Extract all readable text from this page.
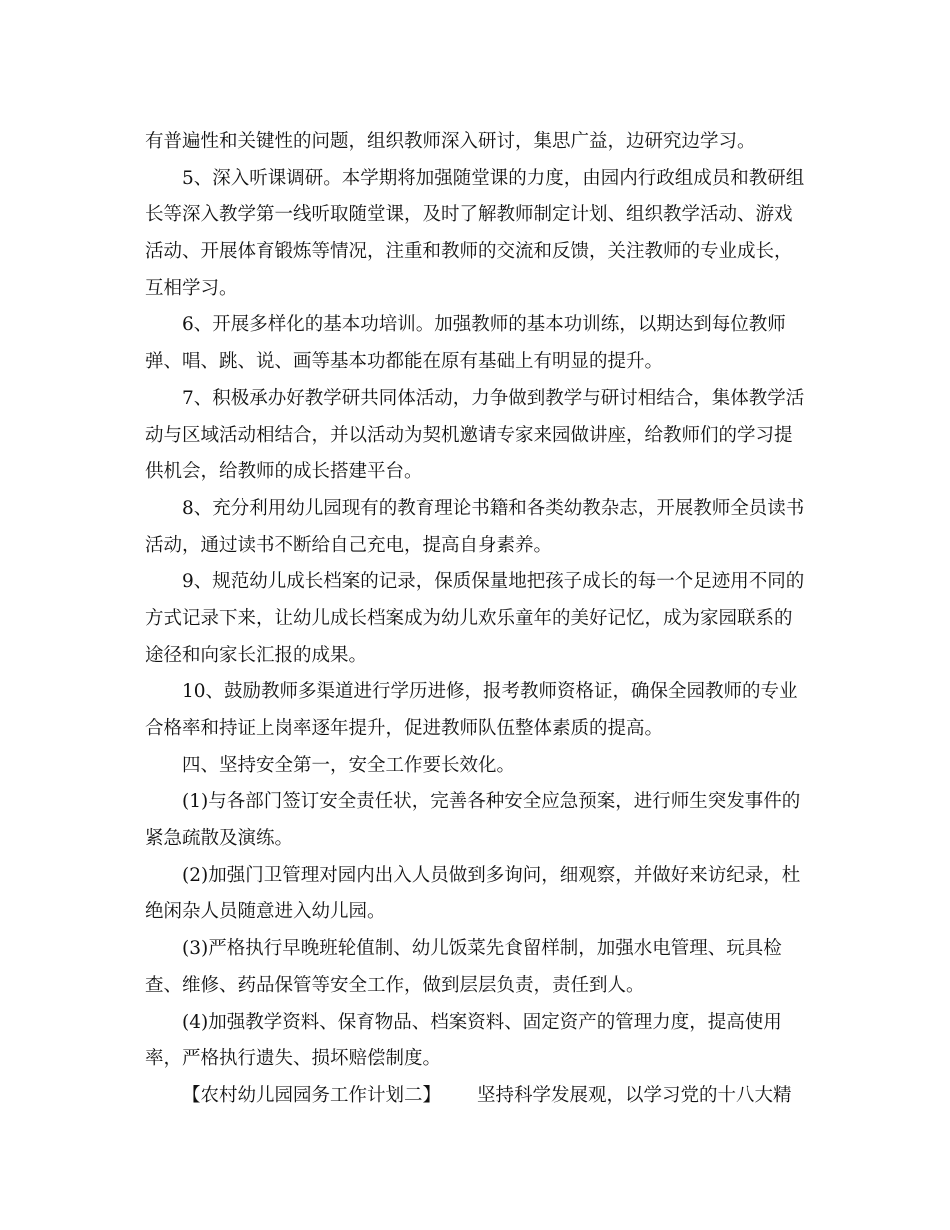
有普遍性和关键性的问题，组织教师深入研讨，集思广益，边研究边学习。
5、深入听课调研。本学期将加强随堂课的力度，由园内行政组成员和教研组
长等深入教学第一线听取随堂课，及时了解教师制定计划、组织教学活动、游戏
活动、开展体育锻炼等情况，注重和教师的交流和反馈，关注教师的专业成长，
互相学习。
6、开展多样化的基本功培训。加强教师的基本功训练，以期达到每位教师
弹、唱、跳、说、画等基本功都能在原有基础上有明显的提升。
7、积极承办好教学研共同体活动，力争做到教学与研讨相结合，集体教学活
动与区域活动相结合，并以活动为契机邀请专家来园做讲座，给教师们的学习提
供机会，给教师的成长搭建平台。
8、充分利用幼儿园现有的教育理论书籍和各类幼教杂志，开展教师全员读书
活动，通过读书不断给自己充电，提高自身素养。
9、规范幼儿成长档案的记录，保质保量地把孩子成长的每一个足迹用不同的
方式记录下来，让幼儿成长档案成为幼儿欢乐童年的美好记忆，成为家园联系的
途径和向家长汇报的成果。
10、鼓励教师多渠道进行学历进修，报考教师资格证，确保全园教师的专业
合格率和持证上岗率逐年提升，促进教师队伍整体素质的提高。
四、坚持安全第一，安全工作要长效化。
(1)与各部门签订安全责任状，完善各种安全应急预案，进行师生突发事件的
紧急疏散及演练。
(2)加强门卫管理对园内出入人员做到多询问，细观察，并做好来访纪录，杜
绝闲杂人员随意进入幼儿园。
(3)严格执行早晚班轮值制、幼儿饭菜先食留样制，加强水电管理、玩具检
查、维修、药品保管等安全工作，做到层层负责，责任到人。
(4)加强教学资料、保育物品、档案资料、固定资产的管理力度，提高使用
率，严格执行遗失、损坏赔偿制度。
【农村幼儿园园务工作计划二】 坚持科学发展观，以学习党的十八大精
